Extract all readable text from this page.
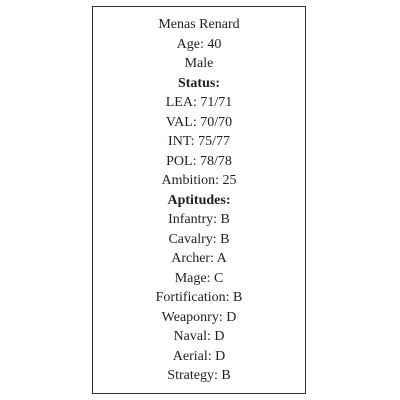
Menas Renard
Age: 40
Male
Status:
LEA: 71/71
VAL: 70/70
INT: 75/77
POL: 78/78
Ambition: 25
Aptitudes:
Infantry: B
Cavalry: B
Archer: A
Mage: C
Fortification: B
Weaponry: D
Naval: D
Aerial: D
Strategy: B
